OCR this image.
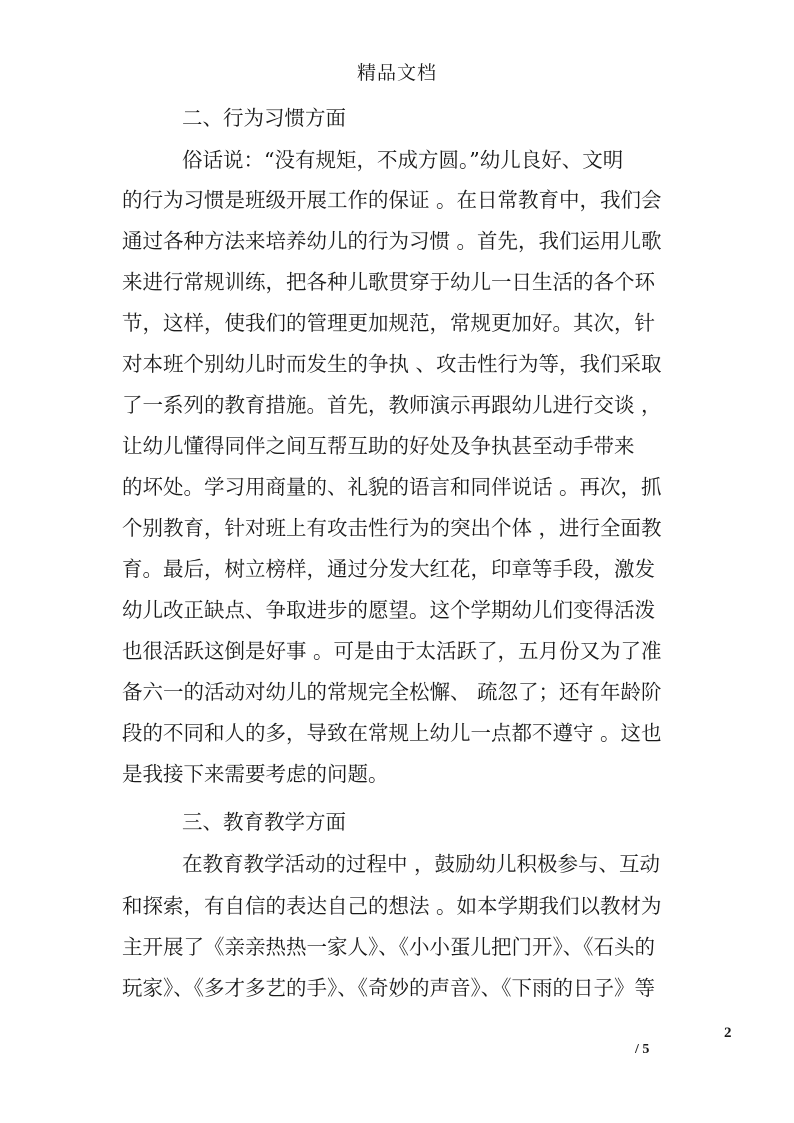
精品文档
二、行为习惯方面
俗话说：“没有规矩，不成方圆。”幼儿良好、文明
的行为习惯是班级开展工作的保证 。在日常教育中，我们会
通过各种方法来培养幼儿的行为习惯 。首先，我们运用儿歌
来进行常规训练，把各种儿歌贯穿于幼儿一日生活的各个环
节，这样，使我们的管理更加规范，常规更加好。其次，针
对本班个别幼儿时而发生的争执 、攻击性行为等，我们采取
了一系列的教育措施。首先，教师演示再跟幼儿进行交谈 ，
让幼儿懂得同伴之间互帮互助的好处及争执甚至动手带来
的坏处。学习用商量的、礼貌的语言和同伴说话 。再次，抓
个别教育，针对班上有攻击性行为的突出个体 ，进行全面教
育。最后，树立榜样，通过分发大红花，印章等手段，激发
幼儿改正缺点、争取进步的愿望。这个学期幼儿们变得活泼
也很活跃这倒是好事 。可是由于太活跃了，五月份又为了准
备六一的活动对幼儿的常规完全松懈、 疏忽了；还有年龄阶
段的不同和人的多，导致在常规上幼儿一点都不遵守 。这也
是我接下来需要考虑的问题。
三、教育教学方面
在教育教学活动的过程中 ，鼓励幼儿积极参与、互动
和探索，有自信的表达自己的想法 。如本学期我们以教材为
主开展了《亲亲热热一家人》、《小小蛋儿把门开》、《石头的
玩家》、《多才多艺的手》、《奇妙的声音》、《下雨的日子》等
2
/ 5
